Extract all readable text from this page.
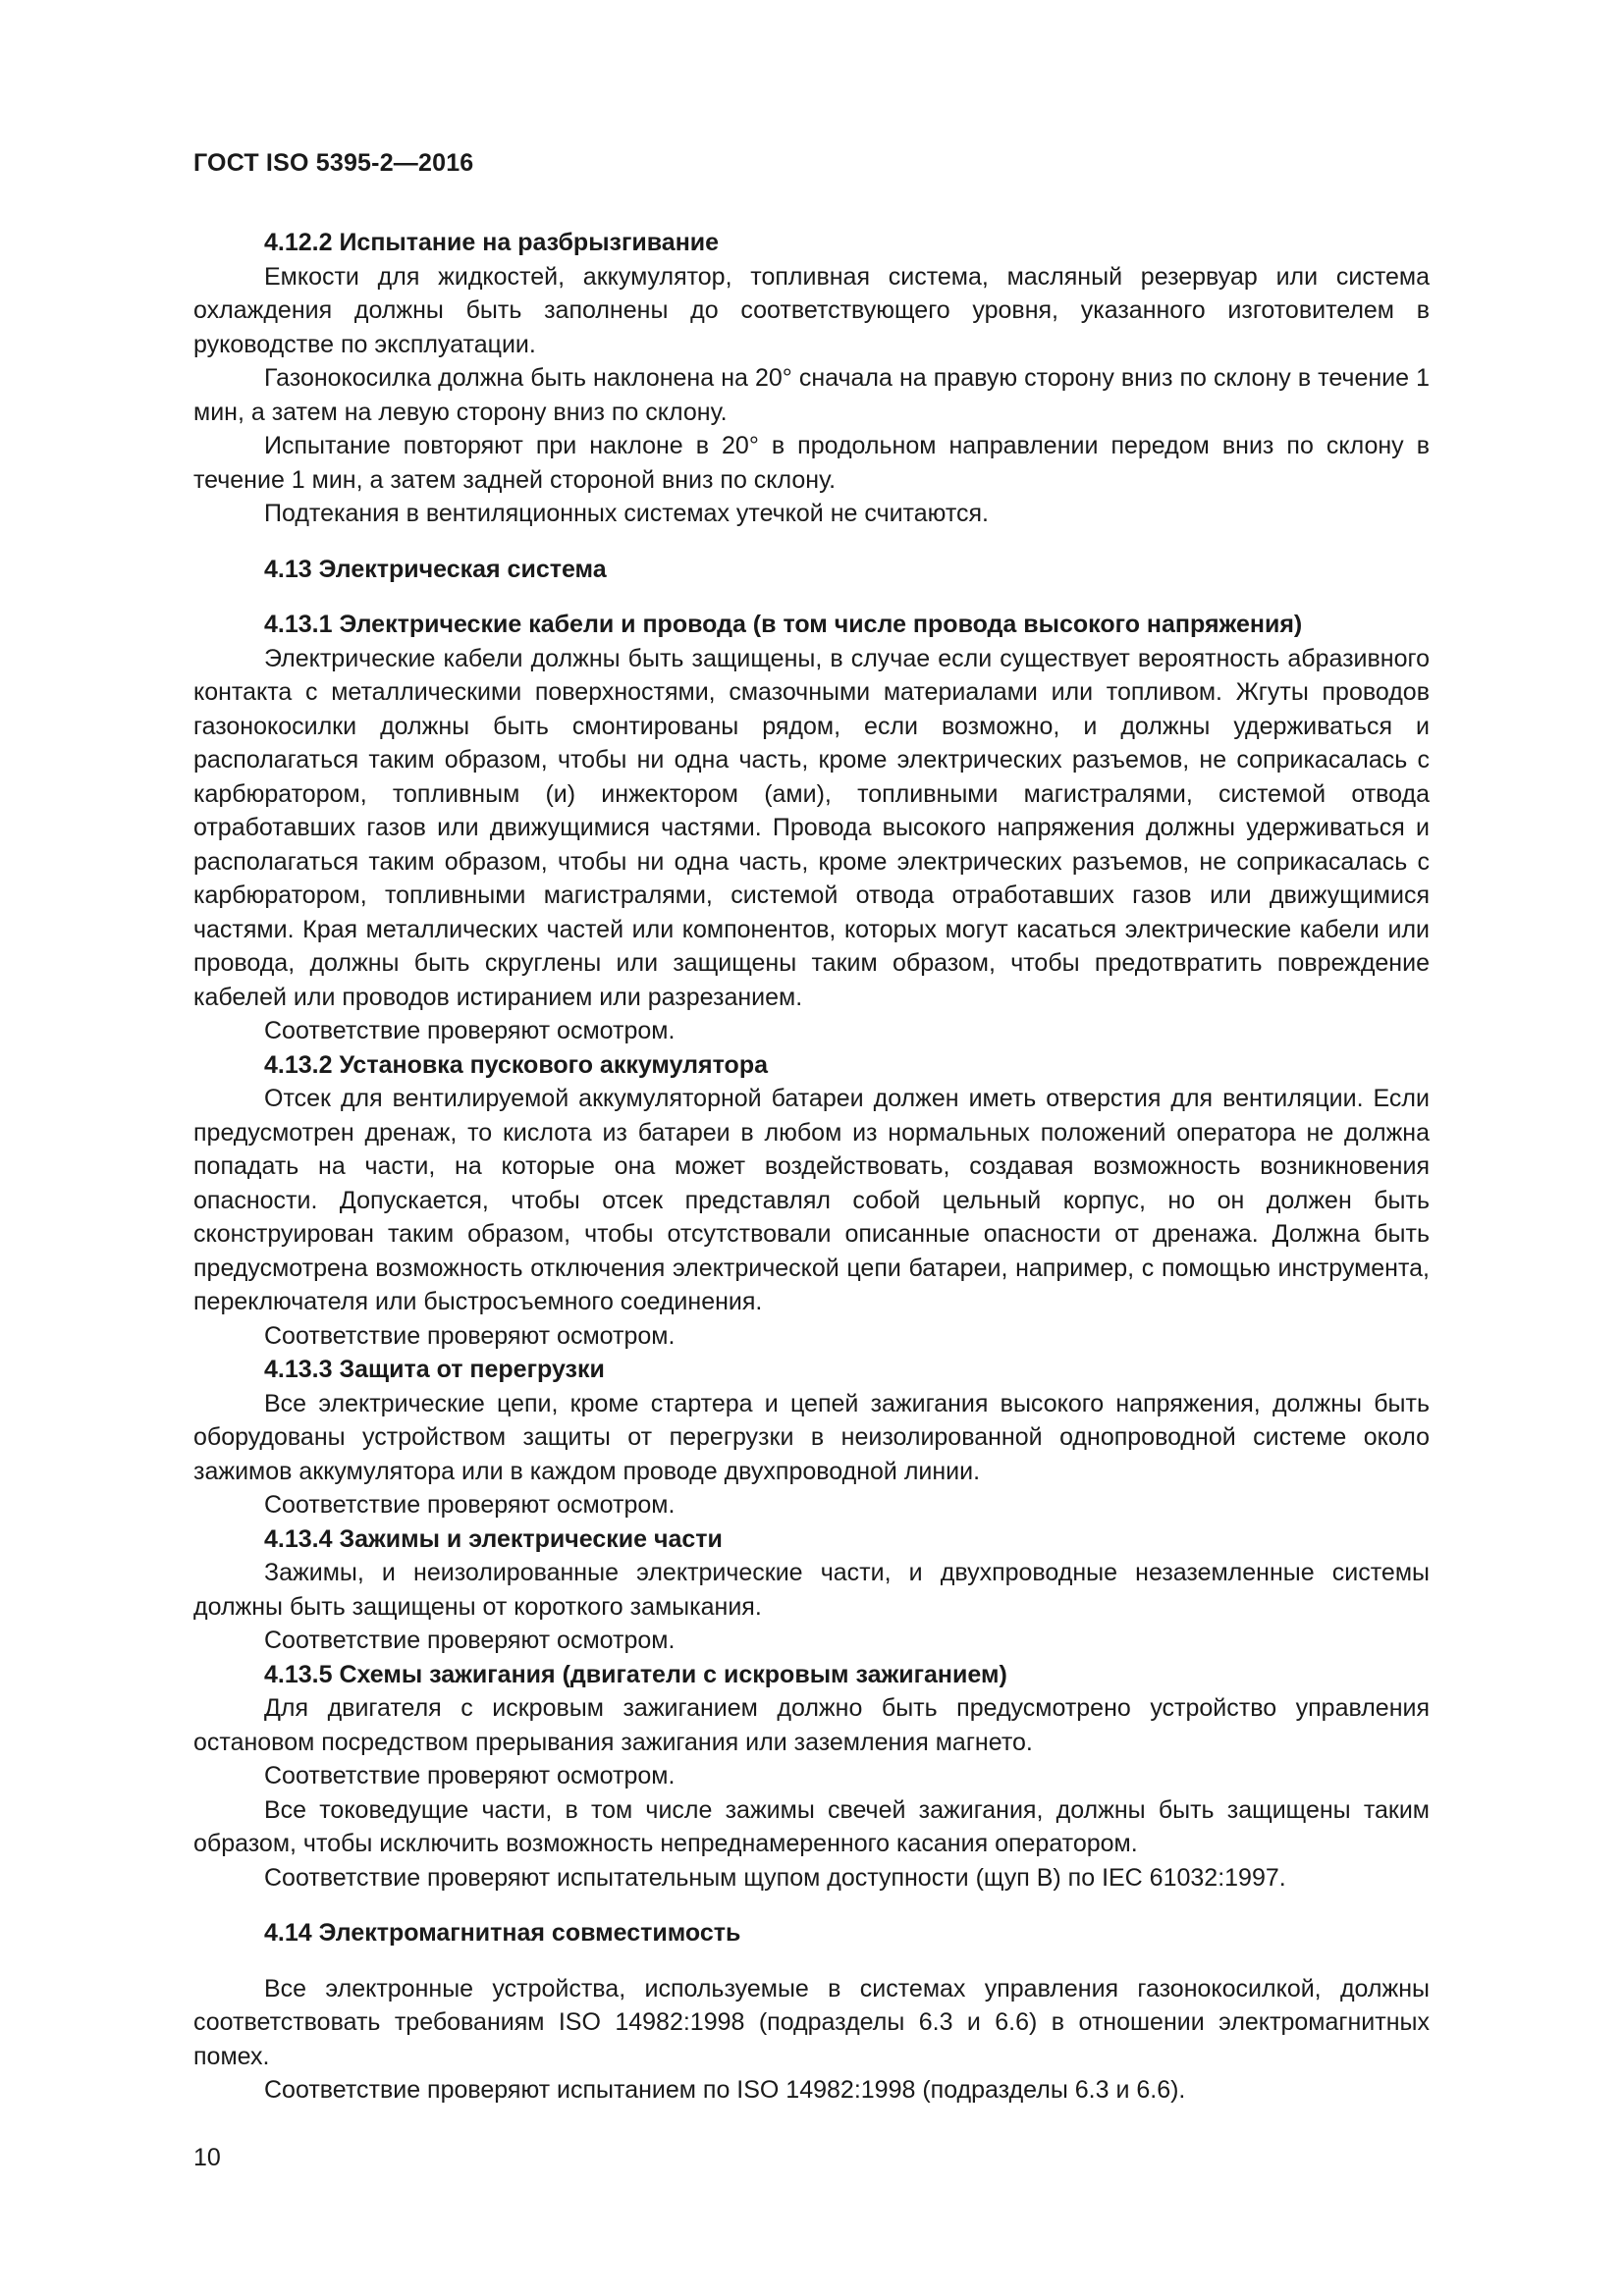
ГОСТ ISO 5395-2—2016
4.12.2 Испытание на разбрызгивание

Емкости для жидкостей, аккумулятор, топливная система, масляный резервуар или система охлаждения должны быть заполнены до соответствующего уровня, указанного изготовителем в руководстве по эксплуатации.

Газонокосилка должна быть наклонена на 20° сначала на правую сторону вниз по склону в течение 1 мин, а затем на левую сторону вниз по склону.

Испытание повторяют при наклоне в 20° в продольном направлении передом вниз по склону в течение 1 мин, а затем задней стороной вниз по склону.

Подтекания в вентиляционных системах утечкой не считаются.

4.13 Электрическая система
4.13.1 Электрические кабели и провода (в том числе провода высокого напряжения)

Электрические кабели должны быть защищены, в случае если существует вероятность абразивного контакта с металлическими поверхностями, смазочными материалами или топливом. Жгуты проводов газонокосилки должны быть смонтированы рядом, если возможно, и должны удерживаться и располагаться таким образом, чтобы ни одна часть, кроме электрических разъемов, не соприкасалась с карбюратором, топливным (и) инжектором (ами), топливными магистралями, системой отвода отработавших газов или движущимися частями. Провода высокого напряжения должны удерживаться и располагаться таким образом, чтобы ни одна часть, кроме электрических разъемов, не соприкасалась с карбюратором, топливными магистралями, системой отвода отработавших газов или движущимися частями. Края металлических частей или компонентов, которых могут касаться электрические кабели или провода, должны быть скруглены или защищены таким образом, чтобы предотвратить повреждение кабелей или проводов истиранием или разрезанием.

Соответствие проверяют осмотром.

4.13.2 Установка пускового аккумулятора

Отсек для вентилируемой аккумуляторной батареи должен иметь отверстия для вентиляции. Если предусмотрен дренаж, то кислота из батареи в любом из нормальных положений оператора не должна попадать на части, на которые она может воздействовать, создавая возможность возникновения опасности. Допускается, чтобы отсек представлял собой цельный корпус, но он должен быть сконструирован таким образом, чтобы отсутствовали описанные опасности от дренажа. Должна быть предусмотрена возможность отключения электрической цепи батареи, например, с помощью инструмента, переключателя или быстросъемного соединения.

Соответствие проверяют осмотром.

4.13.3 Защита от перегрузки

Все электрические цепи, кроме стартера и цепей зажигания высокого напряжения, должны быть оборудованы устройством защиты от перегрузки в неизолированной однопроводной системе около зажимов аккумулятора или в каждом проводе двухпроводной линии.

Соответствие проверяют осмотром.

4.13.4 Зажимы и электрические части

Зажимы, и неизолированные электрические части, и двухпроводные незаземленные системы должны быть защищены от короткого замыкания.

Соответствие проверяют осмотром.

4.13.5 Схемы зажигания (двигатели с искровым зажиганием)

Для двигателя с искровым зажиганием должно быть предусмотрено устройство управления остановом посредством прерывания зажигания или заземления магнето.

Соответствие проверяют осмотром.

Все токоведущие части, в том числе зажимы свечей зажигания, должны быть защищены таким образом, чтобы исключить возможность непреднамеренного касания оператором.

Соответствие проверяют испытательным щупом доступности (щуп В) по IEC 61032:1997.

4.14 Электромагнитная совместимость

Все электронные устройства, используемые в системах управления газонокосилкой, должны соответствовать требованиям ISO 14982:1998 (подразделы 6.3 и 6.6) в отношении электромагнитных помех.

Соответствие проверяют испытанием по ISO 14982:1998 (подразделы 6.3 и 6.6).

10
